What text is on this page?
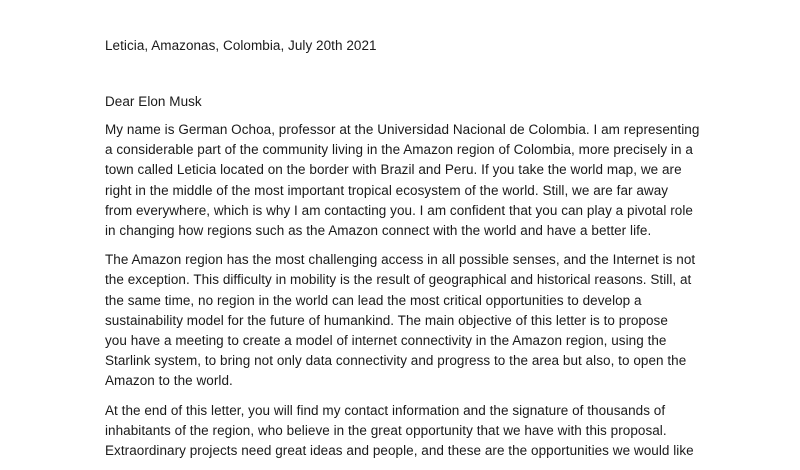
Leticia, Amazonas, Colombia, July 20th 2021

Dear Elon Musk

My name is German Ochoa, professor at the Universidad Nacional de Colombia. I am representing
a considerable part of the community living in the Amazon region of Colombia, more precisely in a
town called Leticia located on the border with Brazil and Peru. If you take the world map, we are
right in the middle of the most important tropical ecosystem of the world. Still, we are far away
from everywhere, which is why I am contacting you. I am confident that you can play a pivotal role
in changing how regions such as the Amazon connect with the world and have a better life.

The Amazon region has the most challenging access in all possible senses, and the Internet is not
the exception. This difficulty in mobility is the result of geographical and historical reasons. Still, at
the same time, no region in the world can lead the most critical opportunities to develop a
sustainability model for the future of humankind. The main objective of this letter is to propose
you have a meeting to create a model of internet connectivity in the Amazon region, using the
Starlink system, to bring not only data connectivity and progress to the area but also, to open the
Amazon to the world.

At the end of this letter, you will find my contact information and the signature of thousands of
inhabitants of the region, who believe in the great opportunity that we have with this proposal.
Extraordinary projects need great ideas and people, and these are the opportunities we would like
